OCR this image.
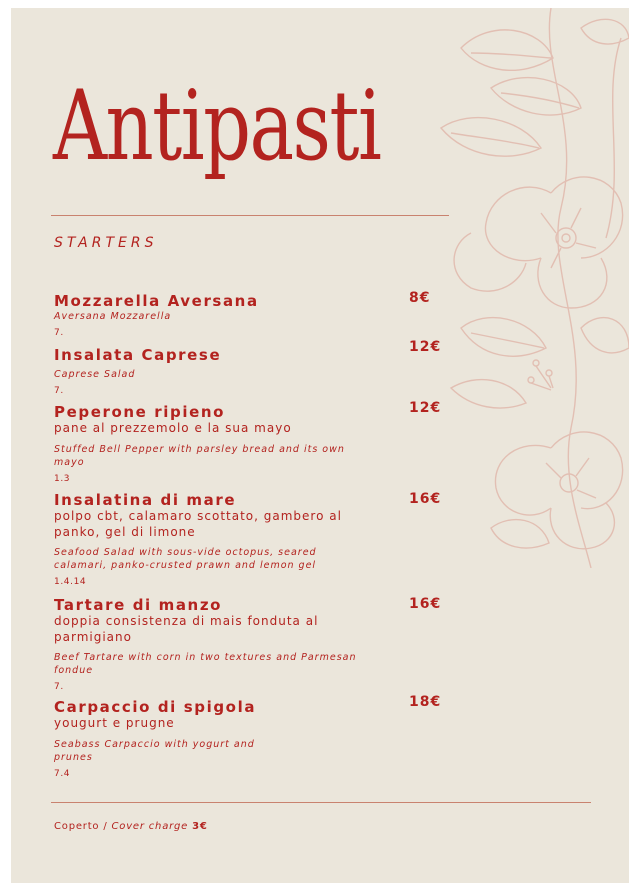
Antipasti
STARTERS

Mozzarella Aversana

Aversana Mozzarella

7.

8€

Insalata Caprese

Caprese Salad

7.

12€

Peperone ripieno

pane al prezzemolo e la sua mayo

Stuffed Bell Pepper with parsley bread and its own mayo

1.3

12€

Insalatina di mare

polpo cbt, calamaro scottato, gambero al panko, gel di limone

Seafood Salad with sous-vide octopus, seared calamari, panko-crusted prawn and lemon gel

1.4.14

16€

Tartare di manzo

doppia consistenza di mais fonduta al parmigiano

Beef Tartare with corn in two textures and Parmesan fondue

7.

16€

Carpaccio di spigola

yougurt e prugne

Seabass Carpaccio with yogurt and prunes

7.4

18€
Coperto / Cover charge 3€
